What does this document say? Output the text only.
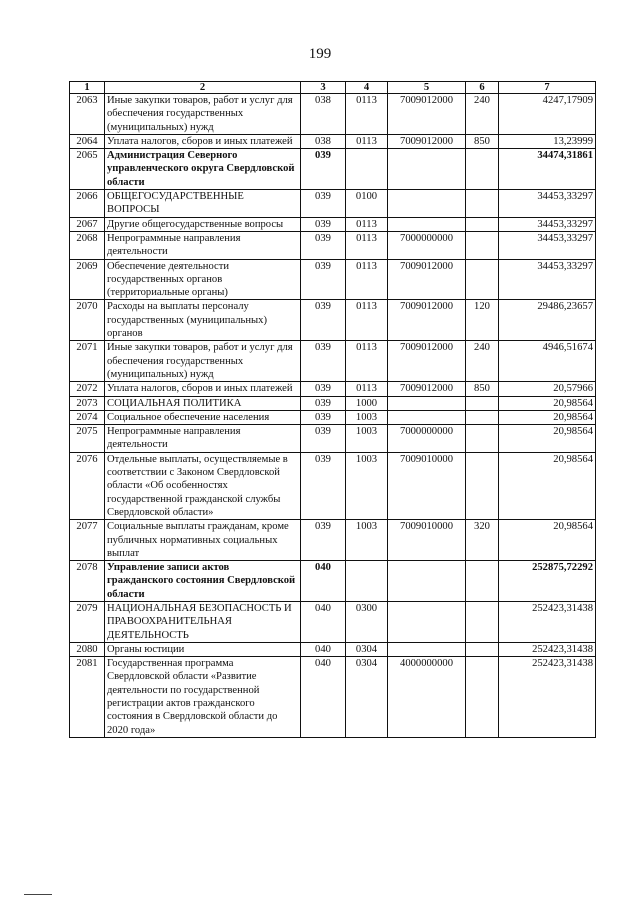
199
1	2	3	4	5	6	7
2063	Иные закупки товаров, работ и услуг для обеспечения государственных (муниципальных) нужд	038	0113	7009012000	240	4247,17909
2064	Уплата налогов, сборов и иных платежей	038	0113	7009012000	850	13,23999
2065	Администрация Северного управленческого округа Свердловской области	039				34474,31861
2066	ОБЩЕГОСУДАРСТВЕННЫЕ ВОПРОСЫ	039	0100			34453,33297
2067	Другие общегосударственные вопросы	039	0113			34453,33297
2068	Непрограммные направления деятельности	039	0113	7000000000		34453,33297
2069	Обеспечение деятельности государственных органов (территориальные органы)	039	0113	7009012000		34453,33297
2070	Расходы на выплаты персоналу государственных (муниципальных) органов	039	0113	7009012000	120	29486,23657
2071	Иные закупки товаров, работ и услуг для обеспечения государственных (муниципальных) нужд	039	0113	7009012000	240	4946,51674
2072	Уплата налогов, сборов и иных платежей	039	0113	7009012000	850	20,57966
2073	СОЦИАЛЬНАЯ ПОЛИТИКА	039	1000			20,98564
2074	Социальное обеспечение населения	039	1003			20,98564
2075	Непрограммные направления деятельности	039	1003	7000000000		20,98564
2076	Отдельные выплаты, осуществляемые в соответствии с Законом Свердловской области «Об особенностях государственной гражданской службы Свердловской области»	039	1003	7009010000		20,98564
2077	Социальные выплаты гражданам, кроме публичных нормативных социальных выплат	039	1003	7009010000	320	20,98564
2078	Управление записи актов гражданского состояния Свердловской области	040				252875,72292
2079	НАЦИОНАЛЬНАЯ БЕЗОПАСНОСТЬ И ПРАВООХРАНИТЕЛЬНАЯ ДЕЯТЕЛЬНОСТЬ	040	0300			252423,31438
2080	Органы юстиции	040	0304			252423,31438
2081	Государственная программа Свердловской области «Развитие деятельности по государственной регистрации актов гражданского состояния в Свердловской области до 2020 года»	040	0304	4000000000		252423,31438
